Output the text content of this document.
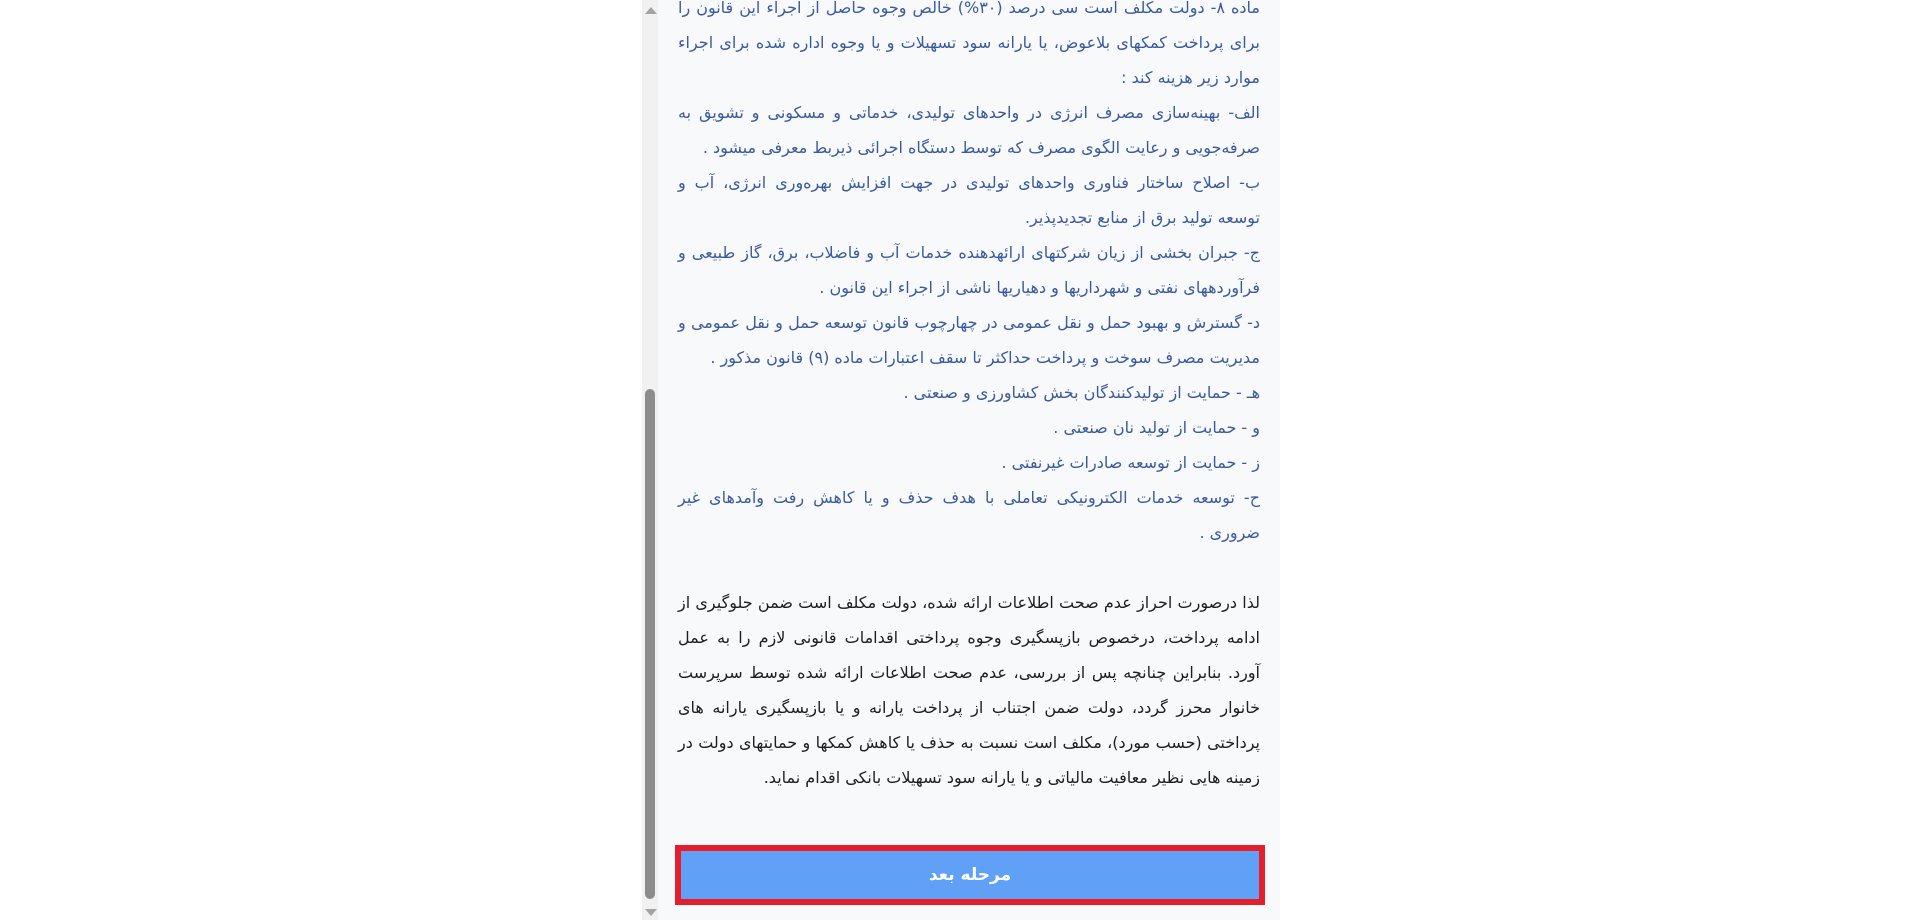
ماده ۸- دولت مکلف است سی درصد (۳۰%) خالص وجوه حاصل از اجراء این قانون را برای پرداخت کمکهای بلاعوض، یا یارانه سود تسهیلات و یا وجوه اداره شده برای اجراء موارد زیر هزینه کند :
الف- بهینه‌سازی مصرف انرژی در واحدهای تولیدی، خدماتی و مسکونی و تشویق به صرفه‌جویی و رعایت الگوی مصرف که توسط دستگاه اجرائی ذیربط معرفی میشود .
ب- اصلاح ساختار فناوری واحدهای تولیدی در جهت افزایش بهره‌وری انرژی، آب و توسعه تولید برق از منابع تجدیدپذیر.
ج- جبران بخشی از زیان شرکتهای ارائهدهنده خدمات آب و فاضلاب، برق، گاز طبیعی و فرآوردههای نفتی و شهرداریها و دهیاریها ناشی از اجراء این قانون .
د- گسترش و بهبود حمل و نقل عمومی در چهارچوب قانون توسعه حمل و نقل عمومی و مدیریت مصرف سوخت و پرداخت حداکثر تا سقف اعتبارات ماده (۹) قانون مذکور .
هـ - حمایت از تولیدکنندگان بخش کشاورزی و صنعتی .
و - حمایت از تولید نان صنعتی .
ز - حمایت از توسعه صادرات غیرنفتی .
ح- توسعه خدمات الکترونیکی تعاملی با هدف حذف و یا کاهش رفت وآمدهای غیر ضروری .
لذا درصورت احراز عدم صحت اطلاعات ارائه شده، دولت مکلف است ضمن جلوگیری از ادامه پرداخت، درخصوص بازپسگیری وجوه پرداختی اقدامات قانونی لازم را به عمل آورد. بنابراین چنانچه پس از بررسی، عدم صحت اطلاعات ارائه شده توسط سرپرست خانوار محرز گردد، دولت ضمن اجتناب از پرداخت یارانه و یا بازپسگیری یارانه های پرداختی (حسب مورد)، مکلف است نسبت به حذف یا کاهش کمکها و حمایتهای دولت در زمینه هایی نظیر معافیت مالیاتی و یا یارانه سود تسهیلات بانکی اقدام نماید.
مرحله بعد
